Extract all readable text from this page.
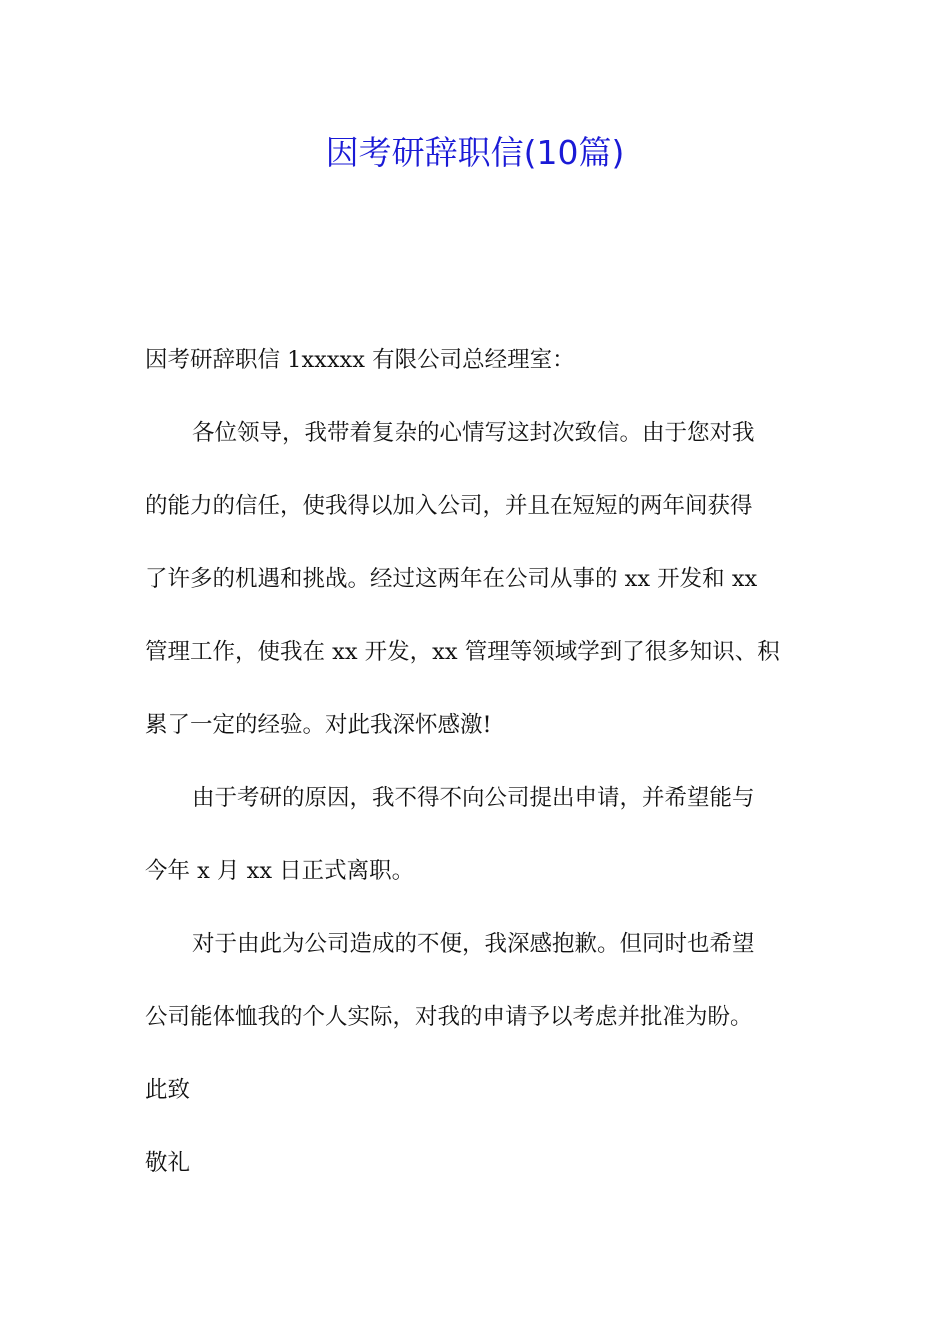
因考研辞职信(10篇)
因考研辞职信 1xxxxx 有限公司总经理室：
各位领导，我带着复杂的心情写这封次致信。由于您对我
的能力的信任，使我得以加入公司，并且在短短的两年间获得
了许多的机遇和挑战。经过这两年在公司从事的 xx 开发和 xx
管理工作，使我在 xx 开发，xx 管理等领域学到了很多知识、积
累了一定的经验。对此我深怀感激!
由于考研的原因，我不得不向公司提出申请，并希望能与
今年 x 月 xx 日正式离职。
对于由此为公司造成的不便，我深感抱歉。但同时也希望
公司能体恤我的个人实际，对我的申请予以考虑并批准为盼。
此致
敬礼
